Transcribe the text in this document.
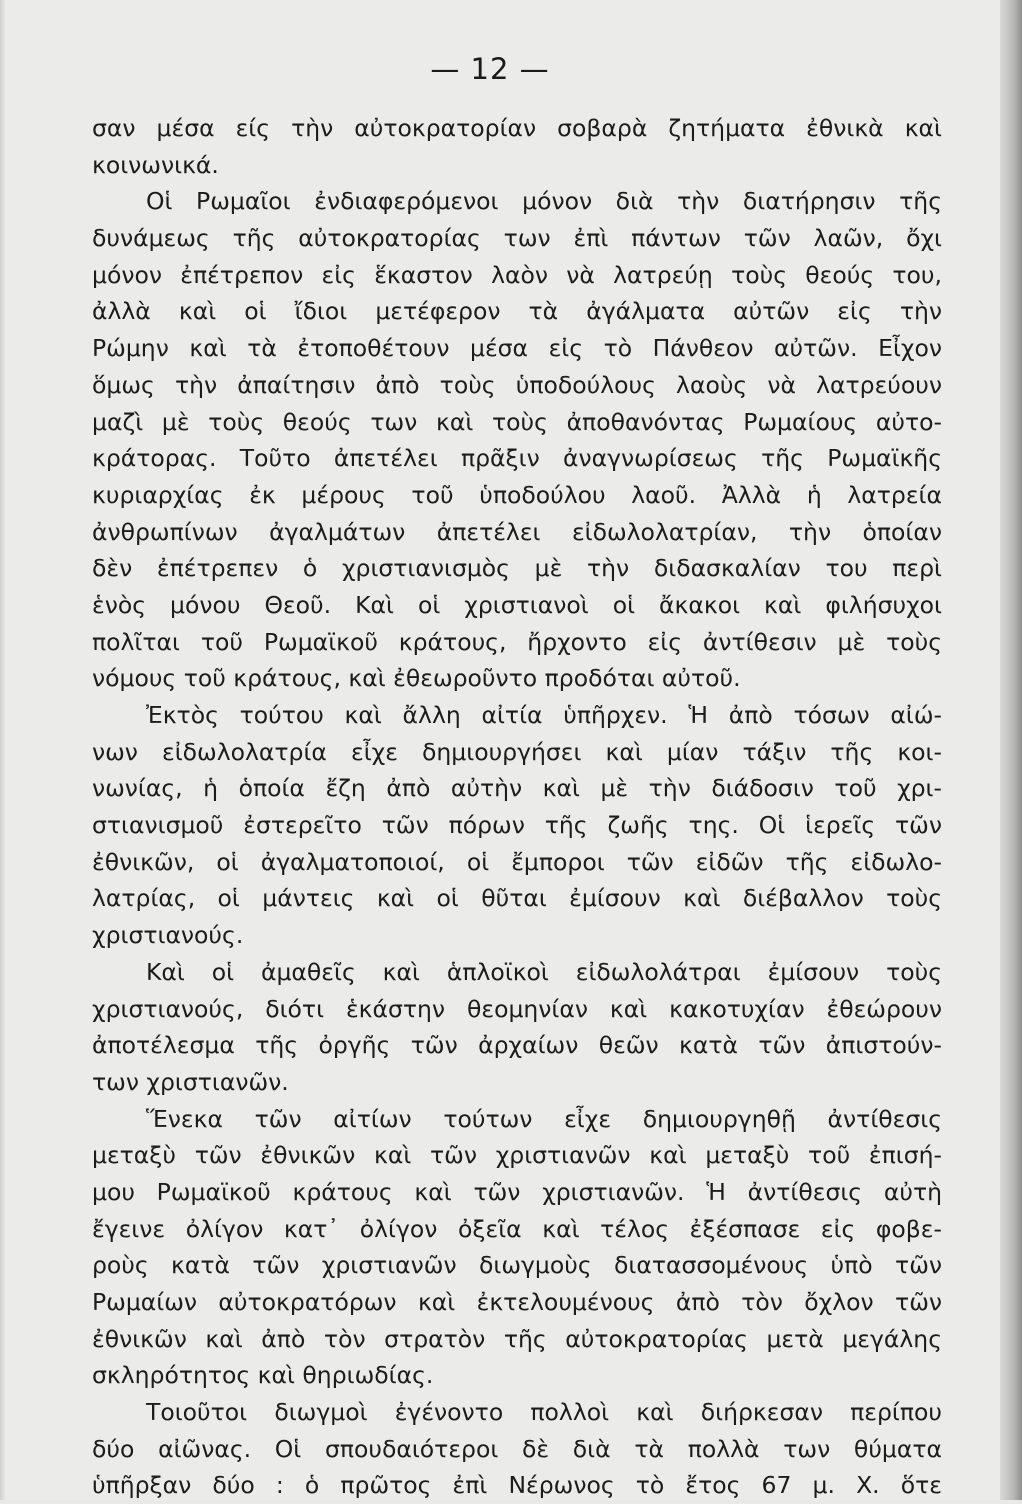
— 12 —
σαν μέσα είς τὴν αὐτοκρατορίαν σοβαρὰ ζητήματα ἐθνικὰ καὶ
κοινωνικά.
Οἱ Ρωμαῖοι ἐνδιαφερόμενοι μόνον διὰ τὴν διατήρησιν τῆς
δυνάμεως τῆς αὐτοκρατορίας των ἐπὶ πάντων τῶν λαῶν, ὄχι
μόνον ἐπέτρεπον εἰς ἕκαστον λαὸν νὰ λατρεύῃ τοὺς θεούς του,
ἀλλὰ καὶ οἱ ἴδιοι μετέφερον τὰ ἀγάλματα αὐτῶν εἰς τὴν
Ρώμην καὶ τὰ ἐτοποθέτουν μέσα εἰς τὸ Πάνθεον αὐτῶν. Εἶχον
ὅμως τὴν ἀπαίτησιν ἀπὸ τοὺς ὑποδούλους λαοὺς νὰ λατρεύουν
μαζὶ μὲ τοὺς θεούς των καὶ τοὺς ἀποθανόντας Ρωμαίους αὐτο-
κράτορας. Τοῦτο ἀπετέλει πρᾶξιν ἀναγνωρίσεως τῆς Ρωμαϊκῆς
κυριαρχίας ἐκ μέρους τοῦ ὑποδούλου λαοῦ. Ἀλλὰ ἡ λατρεία
ἀνθρωπίνων ἀγαλμάτων ἀπετέλει εἰδωλολατρίαν, τὴν ὁποίαν
δὲν ἐπέτρεπεν ὁ χριστιανισμὸς μὲ τὴν διδασκαλίαν του περὶ
ἑνὸς μόνου Θεοῦ. Καὶ οἱ χριστιανοὶ οἱ ἄκακοι καὶ φιλήσυχοι
πολῖται τοῦ Ρωμαϊκοῦ κράτους, ἤρχοντο εἰς ἀντίθεσιν μὲ τοὺς
νόμους τοῦ κράτους, καὶ ἐθεωροῦντο προδόται αὐτοῦ.
Ἐκτὸς τούτου καὶ ἄλλη αἰτία ὑπῆρχεν. Ἡ ἀπὸ τόσων αἰώ-
νων εἰδωλολατρία εἶχε δημιουργήσει καὶ μίαν τάξιν τῆς κοι-
νωνίας, ἡ ὁποία ἔζη ἀπὸ αὐτὴν καὶ μὲ τὴν διάδοσιν τοῦ χρι-
στιανισμοῦ ἐστερεῖτο τῶν πόρων τῆς ζωῆς της. Οἱ ἱερεῖς τῶν
ἐθνικῶν, οἱ ἀγαλματοποιοί, οἱ ἔμποροι τῶν εἰδῶν τῆς εἰδωλο-
λατρίας, οἱ μάντεις καὶ οἱ θῦται ἐμίσουν καὶ διέβαλλον τοὺς
χριστιανούς.
Καὶ οἱ ἀμαθεῖς καὶ ἁπλοϊκοὶ εἰδωλολάτραι ἐμίσουν τοὺς
χριστιανούς, διότι ἑκάστην θεομηνίαν καὶ κακοτυχίαν ἐθεώρουν
ἀποτέλεσμα τῆς ὀργῆς τῶν ἀρχαίων θεῶν κατὰ τῶν ἀπιστούν-
των χριστιανῶν.
Ἕνεκα τῶν αἰτίων τούτων εἶχε δημιουργηθῇ ἀντίθεσις
μεταξὺ τῶν ἐθνικῶν καὶ τῶν χριστιανῶν καὶ μεταξὺ τοῦ ἐπισή-
μου Ρωμαϊκοῦ κράτους καὶ τῶν χριστιανῶν. Ἡ ἀντίθεσις αὐτὴ
ἔγεινε ὀλίγον κατ᾽ ὀλίγον ὀξεῖα καὶ τέλος ἐξέσπασε εἰς φοβε-
ροὺς κατὰ τῶν χριστιανῶν διωγμοὺς διατασσομένους ὑπὸ τῶν
Ρωμαίων αὐτοκρατόρων καὶ ἐκτελουμένους ἀπὸ τὸν ὄχλον τῶν
ἐθνικῶν καὶ ἀπὸ τὸν στρατὸν τῆς αὐτοκρατορίας μετὰ μεγάλης
σκληρότητος καὶ θηριωδίας.
Τοιοῦτοι διωγμοὶ ἐγένοντο πολλοὶ καὶ διήρκεσαν περίπου
δύο αἰῶνας. Οἱ σπουδαιότεροι δὲ διὰ τὰ πολλὰ των θύματα
ὑπῆρξαν δύο : ὁ πρῶτος ἐπὶ Νέρωνος τὸ ἔτος 67 μ. Χ. ὅτε
